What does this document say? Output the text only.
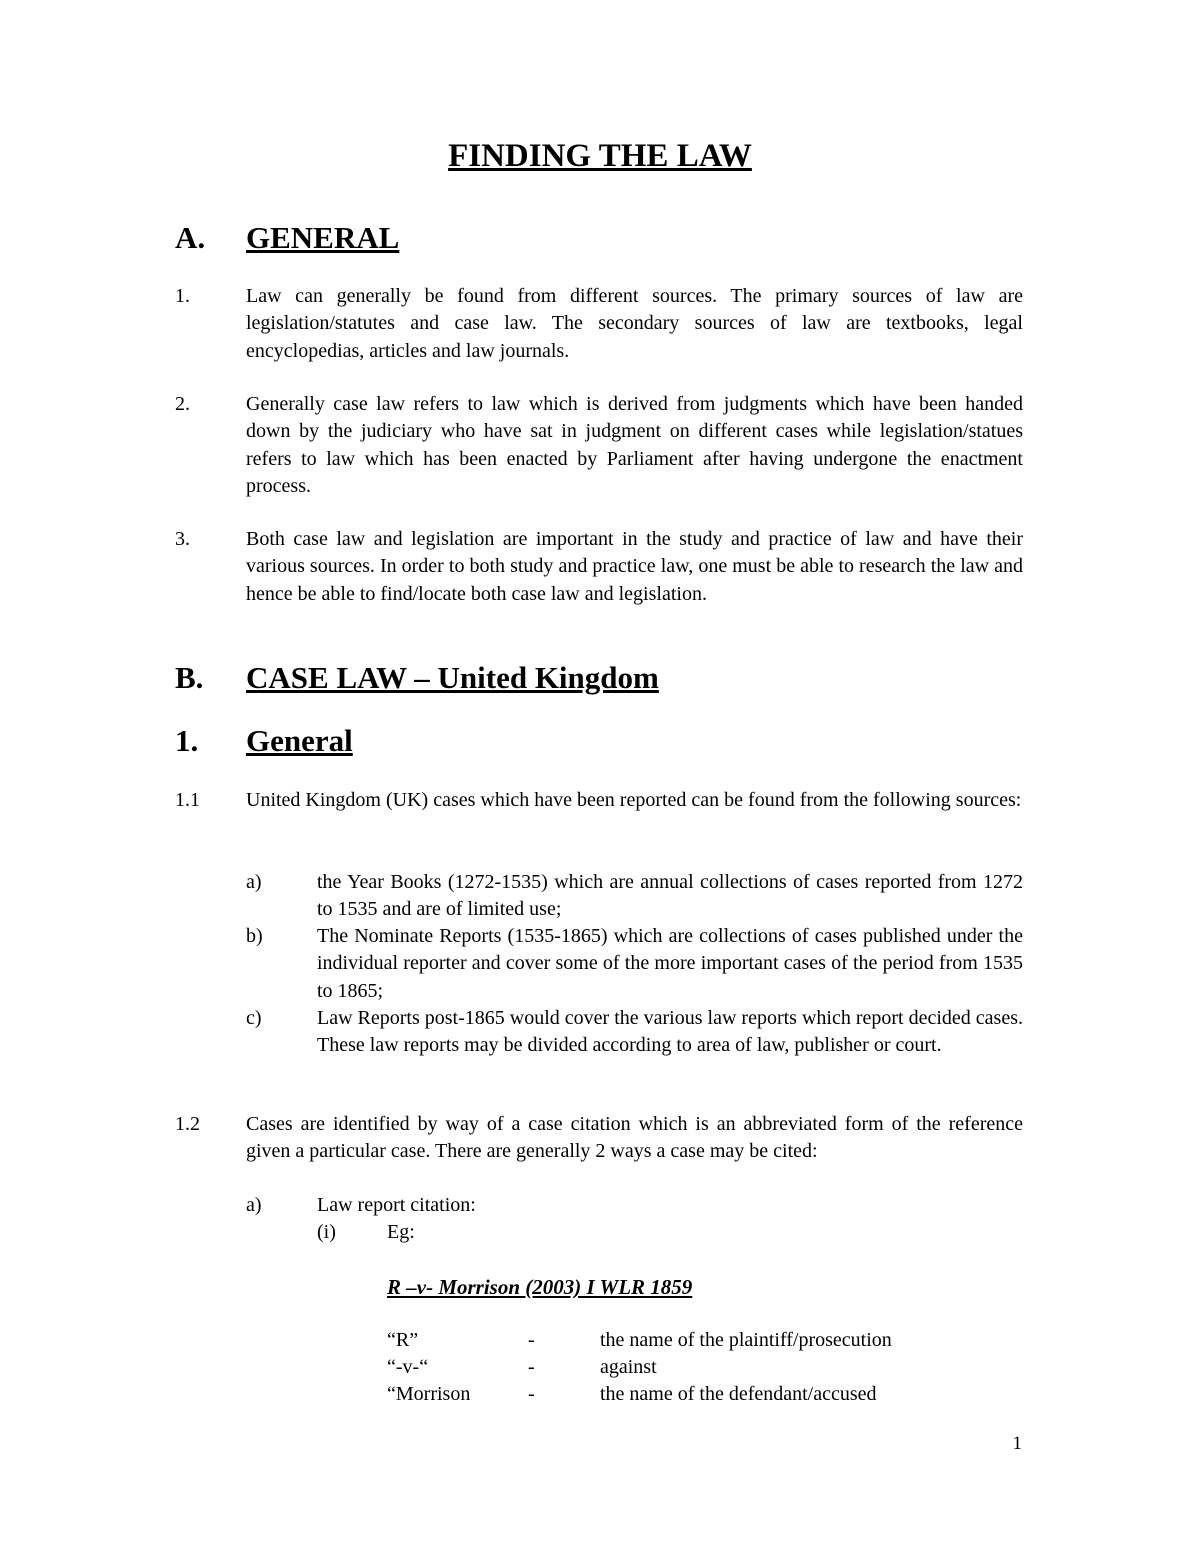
FINDING THE LAW
A. GENERAL
1.	Law can generally be found from different sources. The primary sources of law are legislation/statutes and case law. The secondary sources of law are textbooks, legal encyclopedias, articles and law journals.
2.	Generally case law refers to law which is derived from judgments which have been handed down by the judiciary who have sat in judgment on different cases while legislation/statues refers to law which has been enacted by Parliament after having undergone the enactment process.
3.	Both case law and legislation are important in the study and practice of law and have their various sources. In order to both study and practice law, one must be able to research the law and hence be able to find/locate both case law and legislation.
B. CASE LAW – United Kingdom
1. General
1.1 United Kingdom (UK) cases which have been reported can be found from the following sources:
a)	the Year Books (1272-1535) which are annual collections of cases reported from 1272 to 1535 and are of limited use;
b)	The Nominate Reports (1535-1865) which are collections of cases published under the individual reporter and cover some of the more important cases of the period from 1535 to 1865;
c)	Law Reports post-1865 would cover the various law reports which report decided cases. These law reports may be divided according to area of law, publisher or court.
1.2 Cases are identified by way of a case citation which is an abbreviated form of the reference given a particular case. There are generally 2 ways a case may be cited:
a)	Law report citation:
(i)	Eg:
R –v- Morrison (2003) I WLR 1859
“R”	-	the name of the plaintiff/prosecution
“-v-“	-	against
“Morrison	-	the name of the defendant/accused
1
